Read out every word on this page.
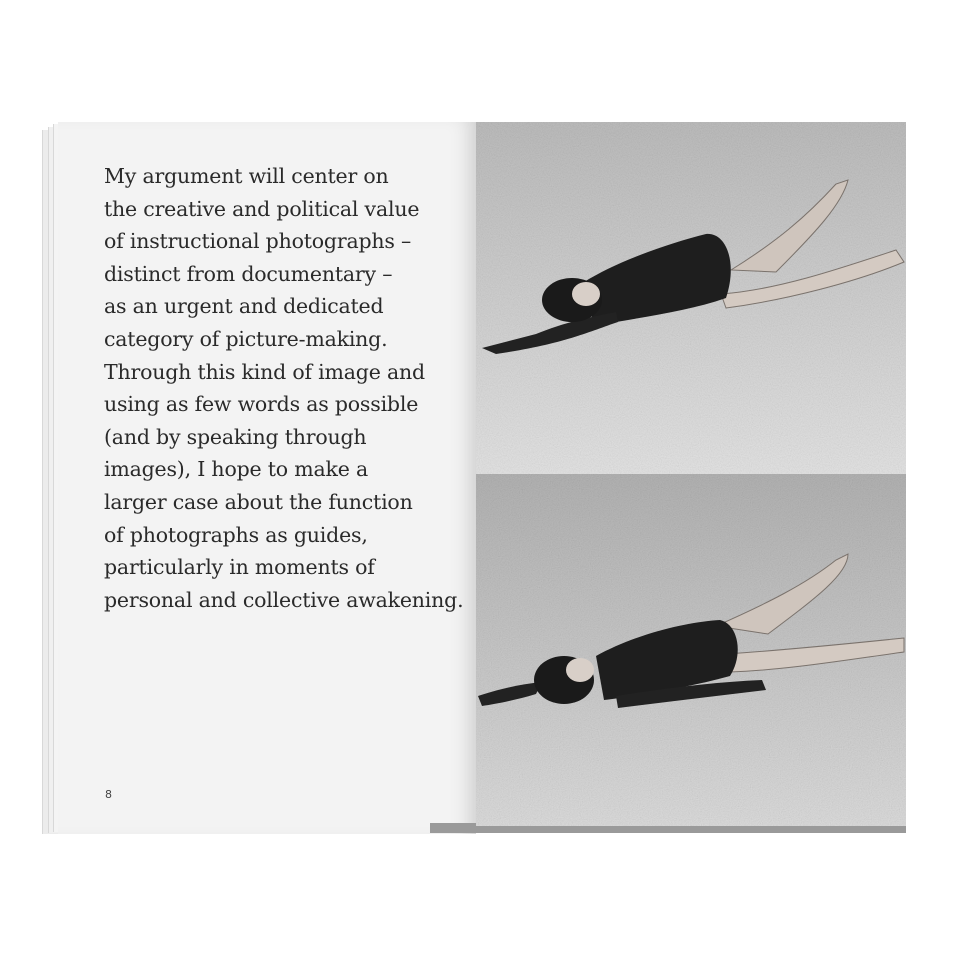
My argument will center on
the creative and political value
of instructional photographs –
distinct from documentary –
as an urgent and dedicated
category of picture-making.
Through this kind of image and
using as few words as possible
(and by speaking through
images), I hope to make a
larger case about the function
of photographs as guides,
particularly in moments of
personal and collective awakening.

8
